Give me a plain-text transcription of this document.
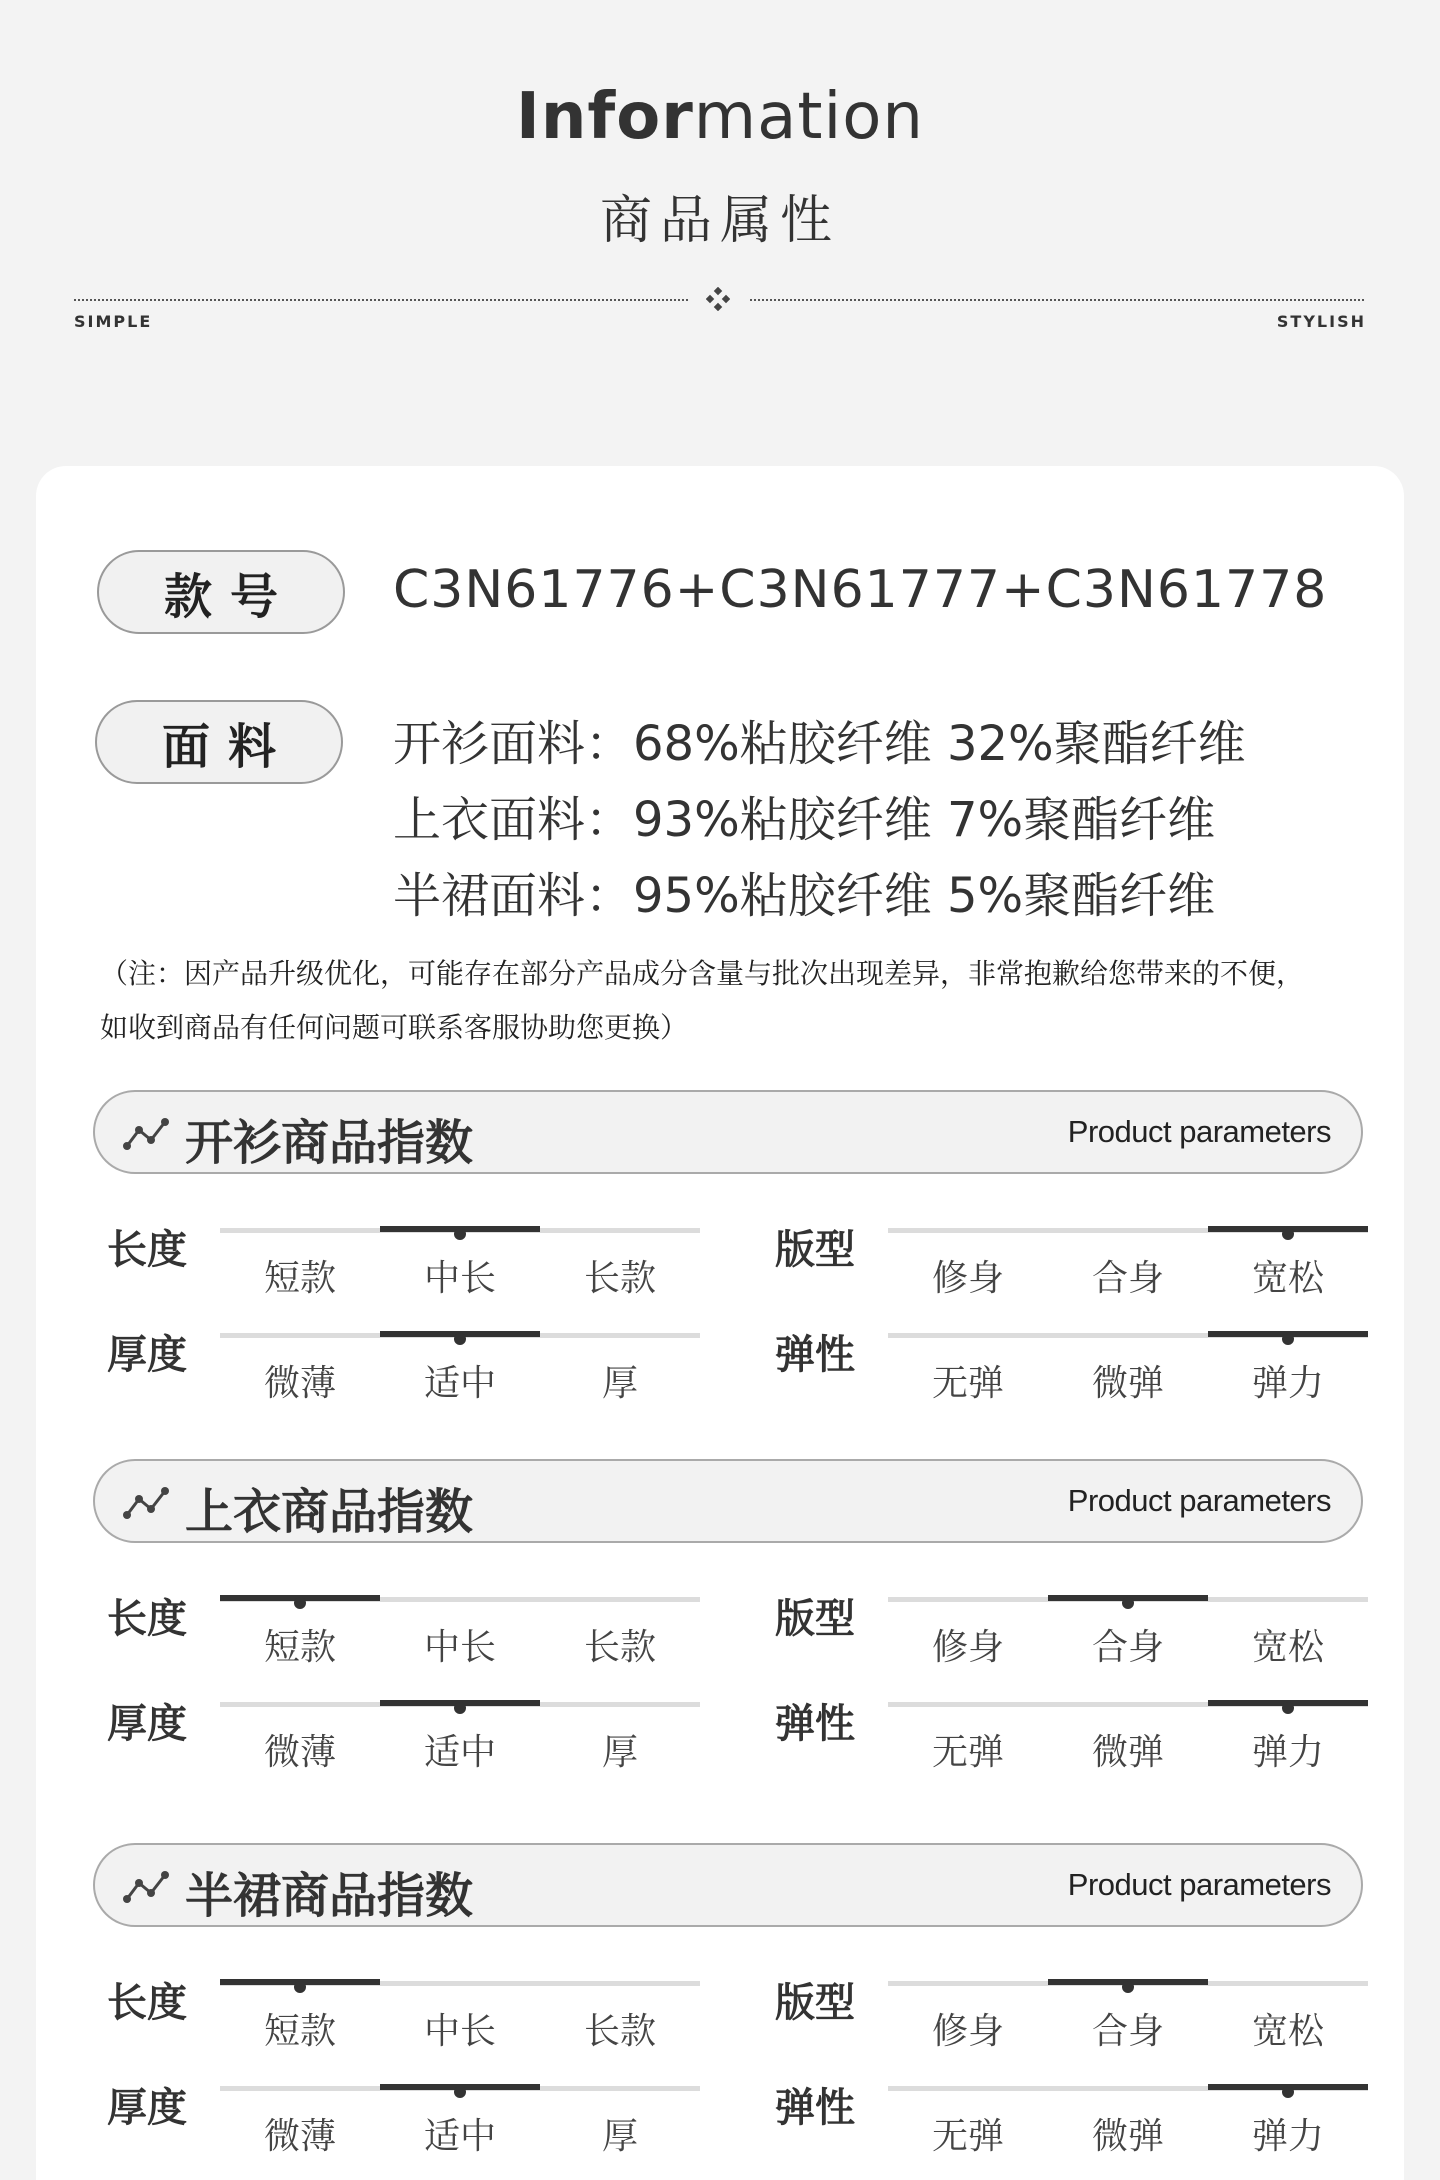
Information
商品属性
SIMPLE	STYLISH
款号 C3N61776+C3N61777+C3N61778
面料 开衫面料：68%粘胶纤维 32%聚酯纤维
上衣面料：93%粘胶纤维 7%聚酯纤维
半裙面料：95%粘胶纤维 5%聚酯纤维
（注：因产品升级优化，可能存在部分产品成分含量与批次出现差异，非常抱歉给您带来的不便，
如收到商品有任何问题可联系客服协助您更换）
开衫商品指数	Product parameters
长度
短款	中长	长款
版型
修身	合身	宽松
厚度
微薄	适中	厚
弹性
无弹	微弹	弹力
上衣商品指数	Product parameters
长度
短款	中长	长款
版型
修身	合身	宽松
厚度
微薄	适中	厚
弹性
无弹	微弹	弹力
半裙商品指数	Product parameters
长度
短款	中长	长款
版型
修身	合身	宽松
厚度
微薄	适中	厚
弹性
无弹	微弹	弹力
